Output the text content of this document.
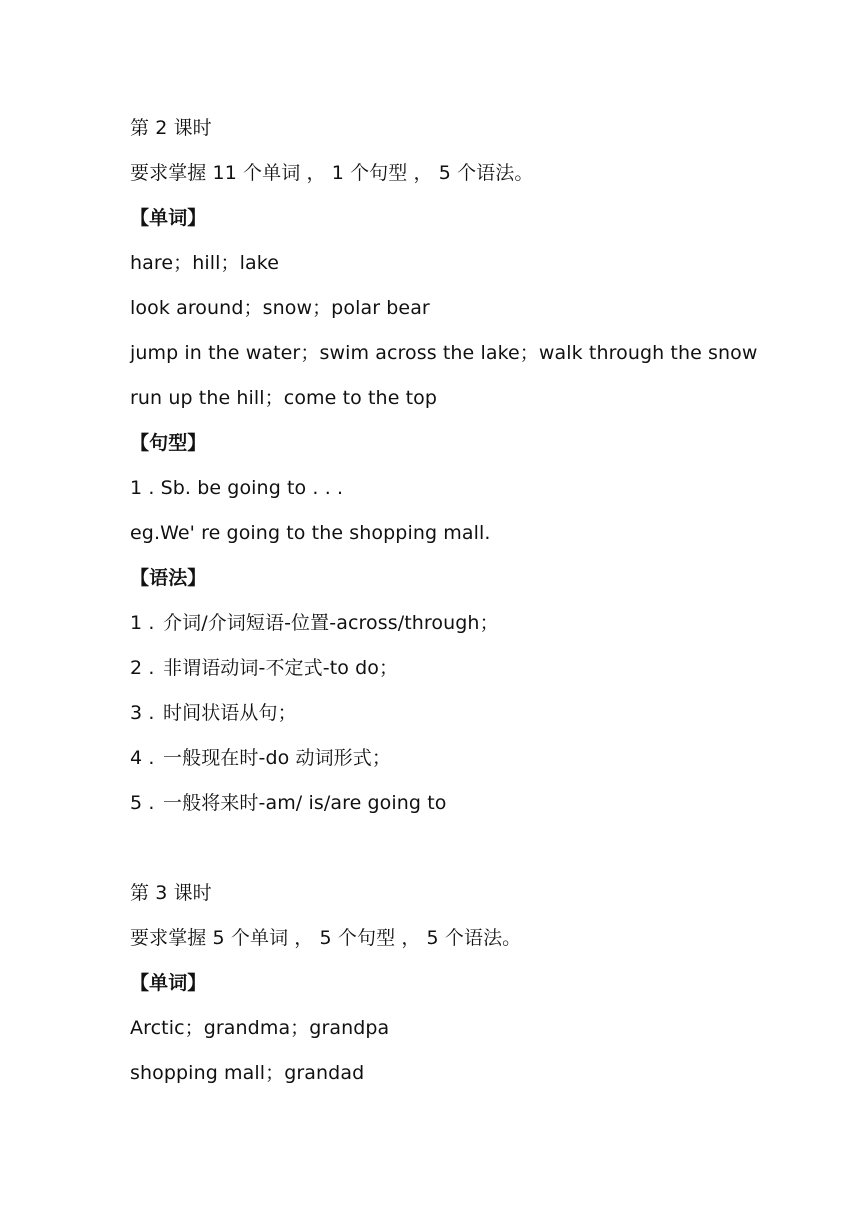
第 2 课时
要求掌握 11 个单词 ， 1 个句型 ， 5 个语法。
【单词】
hare；hill；lake
look around；snow；polar bear
jump in the water；swim across the lake；walk through the snow
run up the hill；come to the top
【句型】
1 . Sb. be going to . . .
eg.We' re going to the shopping mall.
【语法】
1 . 介词/介词短语-位置-across/through；
2 . 非谓语动词-不定式-to do；
3 . 时间状语从句；
4 . 一般现在时-do 动词形式；
5 . 一般将来时-am/ is/are going to
第 3 课时
要求掌握 5 个单词 ， 5 个句型 ， 5 个语法。
【单词】
Arctic；grandma；grandpa
shopping mall；grandad
